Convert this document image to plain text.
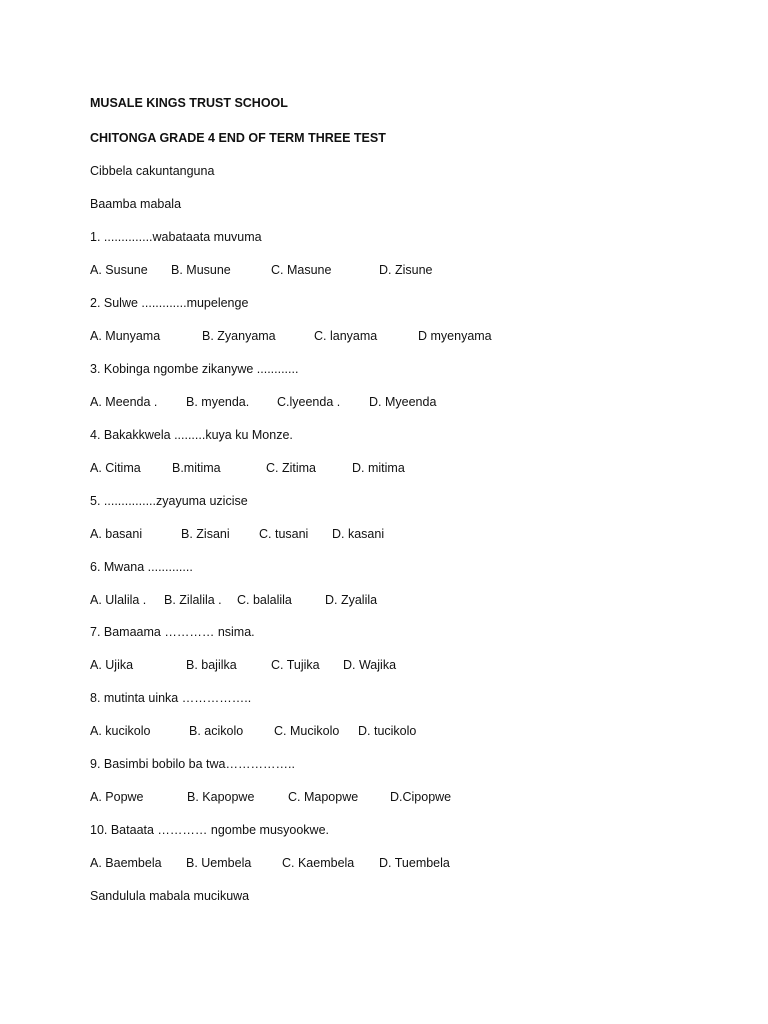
MUSALE KINGS TRUST SCHOOL
CHITONGA GRADE 4 END OF TERM THREE TEST
Cibbela cakuntanguna
Baamba mabala
1. ..............wabataata muvuma
A. Susune B. Musune	C. Masune	D. Zisune
2. Sulwe .............mupelenge
A. Munyama	B. Zyanyama	C. lanyama	D myenyama
3. Kobinga ngombe zikanywe ............
A. Meenda . B. myenda. C.lyeenda . D. Myeenda
4. Bakakkwela .........kuya ku Monze.
A. Citima	B.mitima	C. Zitima	D. mitima
5. ...............zyayuma uzicise
A. basani	B. Zisani C. tusani D. kasani
6. Mwana .............
A. Ulalila . B. Zilalila . C. balalila	D. Zyalila
7. Bamaama ………… nsima.
A. Ujika	B. bajilka	C. Tujika D. Wajika
8. mutinta uinka ……………..
A. kucikolo	B. acikolo C. Mucikolo D. tucikolo
9. Basimbi bobilo ba twa……………..
A. Popwe	B. Kapopwe	C. Mapopwe	D.Cipopwe
10. Bataata ………… ngombe musyookwe.
A. Baembela B. Uembela C. Kaembela D. Tuembela
Sandulula mabala mucikuwa
